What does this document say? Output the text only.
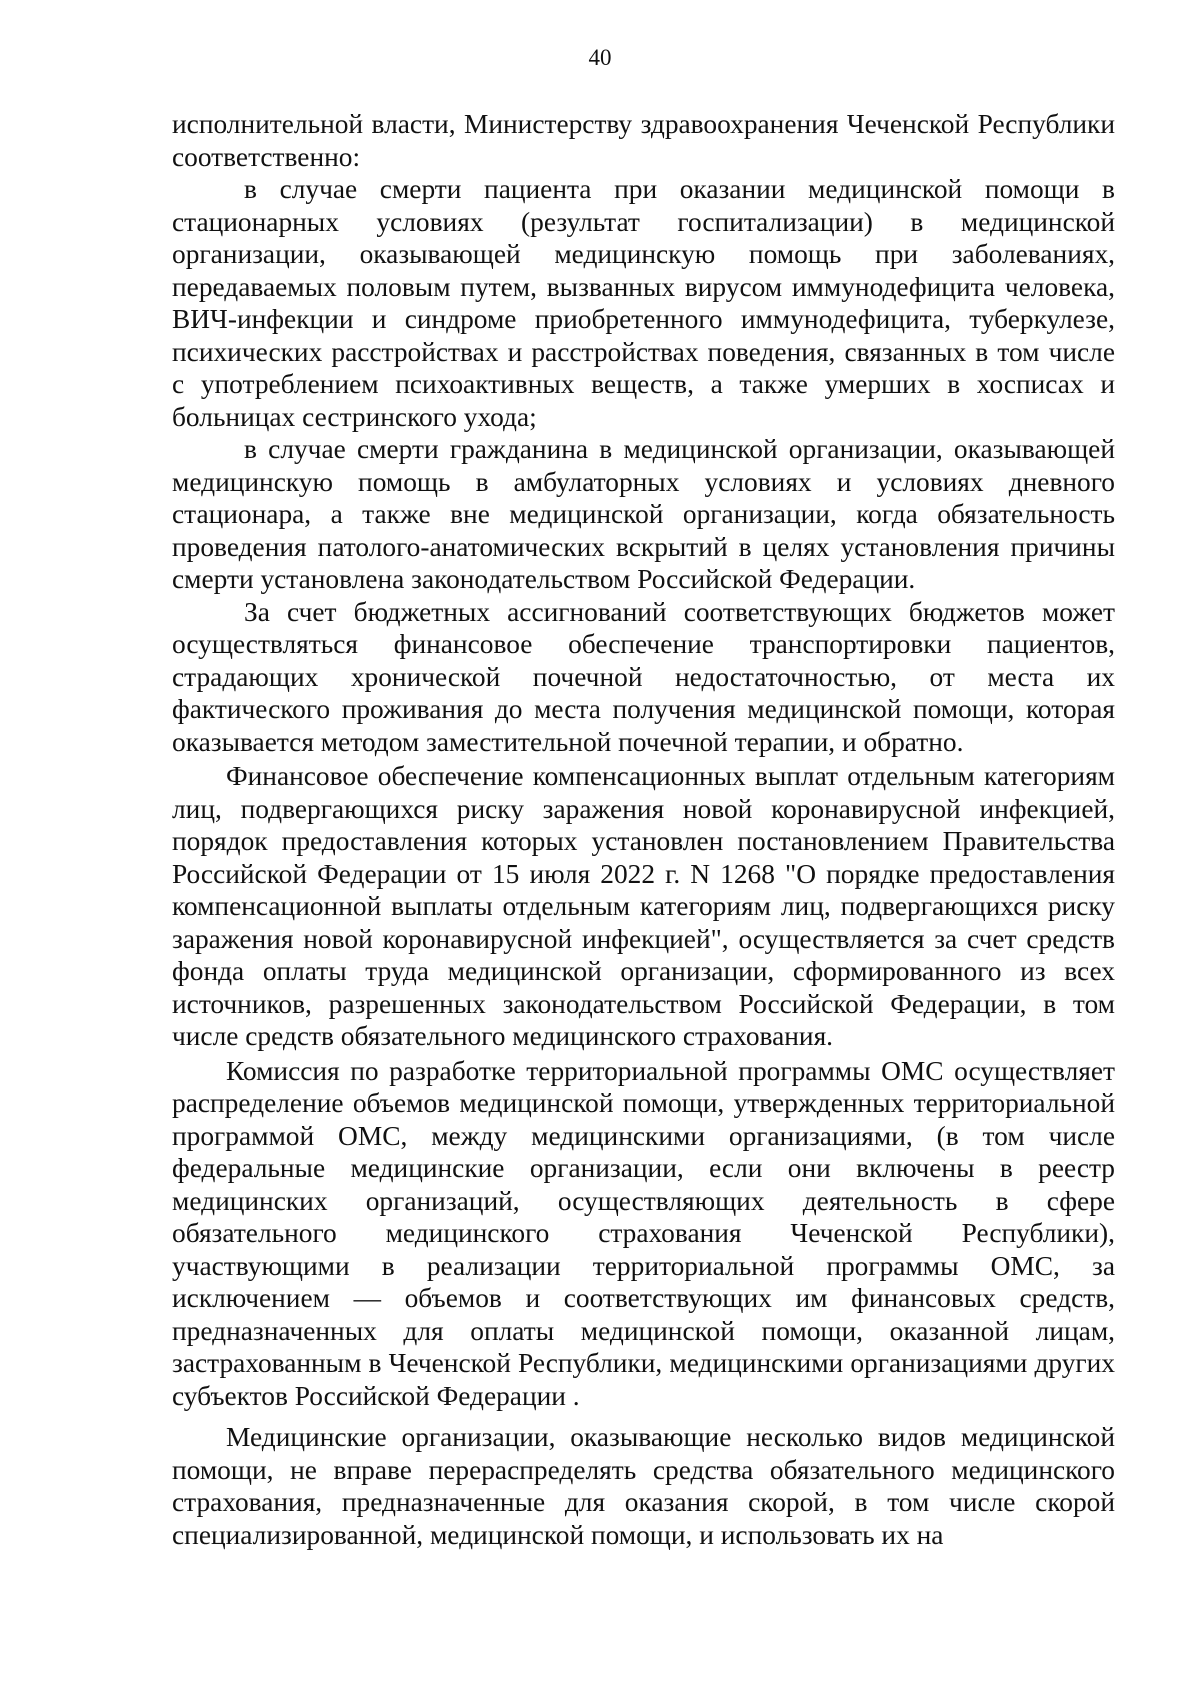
40

исполнительной власти, Министерству здравоохранения Чеченской Республики соответственно:

в случае смерти пациента при оказании медицинской помощи в стационарных условиях (результат госпитализации) в медицинской организации, оказывающей медицинскую помощь при заболеваниях, передаваемых половым путем, вызванных вирусом иммунодефицита человека, ВИЧ-инфекции и синдроме приобретенного иммунодефицита, туберкулезе, психических расстройствах и расстройствах поведения, связанных в том числе с употреблением психоактивных веществ, а также умерших в хосписах и больницах сестринского ухода;

в случае смерти гражданина в медицинской организации, оказывающей медицинскую помощь в амбулаторных условиях и условиях дневного стационара, а также вне медицинской организации, когда обязательность проведения патолого-анатомических вскрытий в целях установления причины смерти установлена законодательством Российской Федерации.

За счет бюджетных ассигнований соответствующих бюджетов может осуществляться финансовое обеспечение транспортировки пациентов, страдающих хронической почечной недостаточностью, от места их фактического проживания до места получения медицинской помощи, которая оказывается методом заместительной почечной терапии, и обратно.

Финансовое обеспечение компенсационных выплат отдельным категориям лиц, подвергающихся риску заражения новой коронавирусной инфекцией, порядок предоставления которых установлен постановлением Правительства Российской Федерации от 15 июля 2022 г. N 1268 "О порядке предоставления компенсационной выплаты отдельным категориям лиц, подвергающихся риску заражения новой коронавирусной инфекцией", осуществляется за счет средств фонда оплаты труда медицинской организации, сформированного из всех источников, разрешенных законодательством Российской Федерации, в том числе средств обязательного медицинского страхования.

Комиссия по разработке территориальной программы ОМС осуществляет распределение объемов медицинской помощи, утвержденных территориальной программой ОМС, между медицинскими организациями, (в том числе федеральные медицинские организации, если они включены в реестр медицинских организаций, осуществляющих деятельность в сфере обязательного медицинского страхования Чеченской Республики), участвующими в реализации территориальной программы ОМС, за исключением — объемов и соответствующих им финансовых средств, предназначенных для оплаты медицинской помощи, оказанной лицам, застрахованным в Чеченской Республики, медицинскими организациями других субъектов Российской Федерации .

Медицинские организации, оказывающие несколько видов медицинской помощи, не вправе перераспределять средства обязательного медицинского страхования, предназначенные для оказания скорой, в том числе скорой специализированной, медицинской помощи, и использовать их на
